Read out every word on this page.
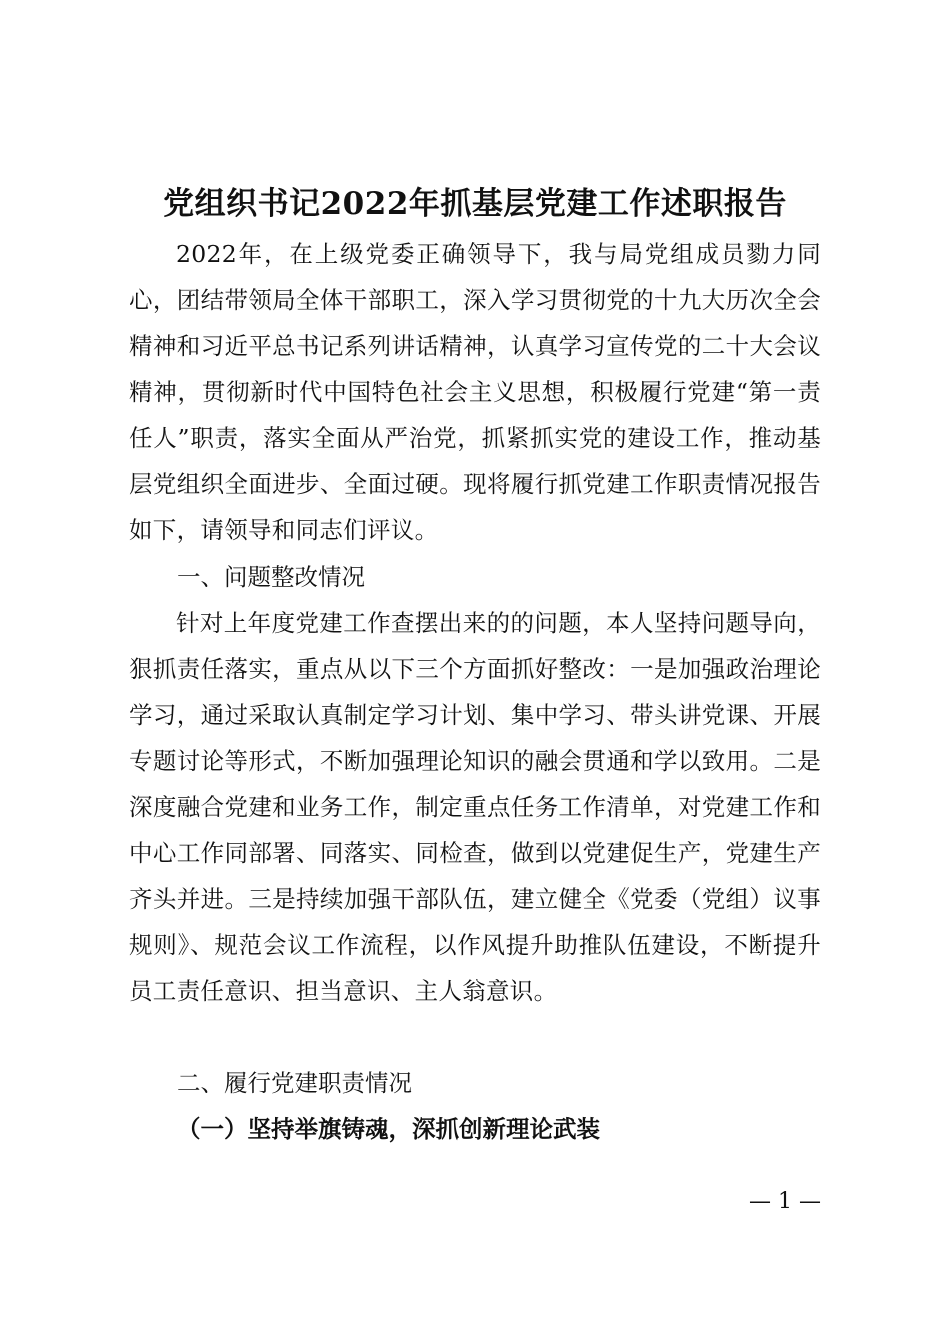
党组织书记2022年抓基层党建工作述职报告

2022年，在上级党委正确领导下，我与局党组成员勠力同心，团结带领局全体干部职工，深入学习贯彻党的十九大历次全会精神和习近平总书记系列讲话精神，认真学习宣传党的二十大会议精神，贯彻新时代中国特色社会主义思想，积极履行党建“第一责任人”职责，落实全面从严治党，抓紧抓实党的建设工作，推动基层党组织全面进步、全面过硬。现将履行抓党建工作职责情况报告如下，请领导和同志们评议。

一、问题整改情况

针对上年度党建工作查摆出来的的问题，本人坚持问题导向，狠抓责任落实，重点从以下三个方面抓好整改：一是加强政治理论学习，通过采取认真制定学习计划、集中学习、带头讲党课、开展专题讨论等形式，不断加强理论知识的融会贯通和学以致用。二是深度融合党建和业务工作，制定重点任务工作清单，对党建工作和中心工作同部署、同落实、同检查，做到以党建促生产，党建生产齐头并进。三是持续加强干部队伍，建立健全《党委（党组）议事规则》、规范会议工作流程，以作风提升助推队伍建设，不断提升员工责任意识、担当意识、主人翁意识。

二、履行党建职责情况

（一）坚持举旗铸魂，深抓创新理论武装

— 1 —
